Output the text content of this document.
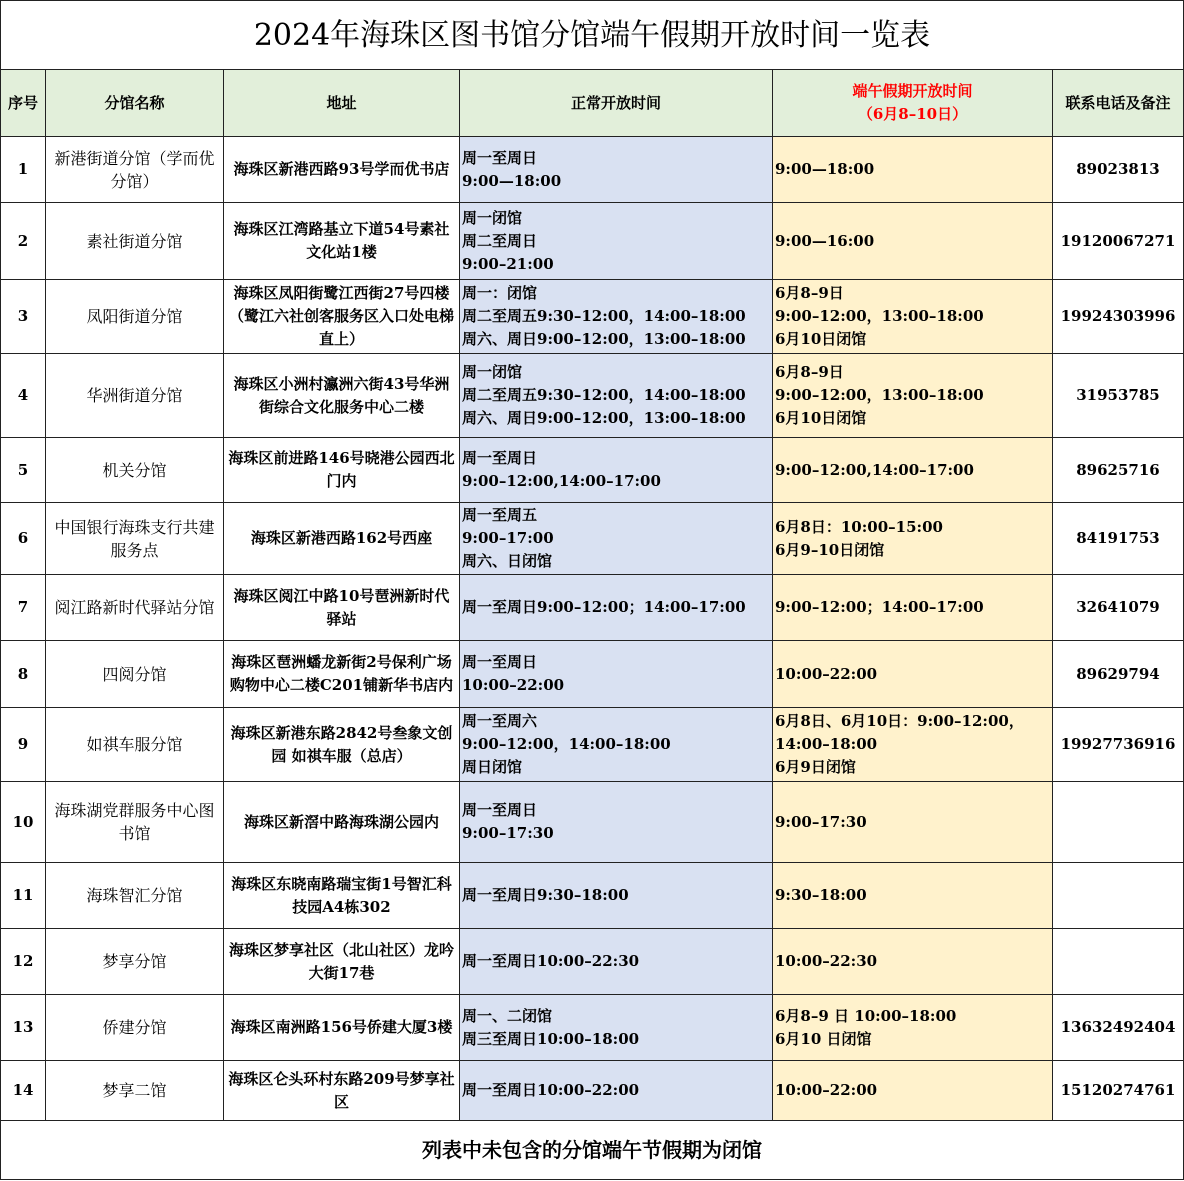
2024年海珠区图书馆分馆端午假期开放时间一览表					
序号	分馆名称	地址	正常开放时间	端午假期开放时间
（6月8–10日）	联系电话及备注
1	新港街道分馆（学而优分馆）	海珠区新港西路93号学而优书店	周一至周日
9:00—18:00	9:00—18:00	89023813
2	素社街道分馆	海珠区江湾路基立下道54号素社文化站1楼	周一闭馆
周二至周日
9:00–21:00	9:00—16:00	19120067271
3	凤阳街道分馆	海珠区凤阳街鹭江西街27号四楼（鹭江六社创客服务区入口处电梯直上）	周一：闭馆
周二至周五9:30–12:00，14:00–18:00
周六、周日9:00–12:00，13:00–18:00	6月8–9日
9:00–12:00，13:00–18:00
6月10日闭馆	19924303996
4	华洲街道分馆	海珠区小洲村瀛洲六街43号华洲街综合文化服务中心二楼	周一闭馆
周二至周五9:30–12:00，14:00–18:00
周六、周日9:00–12:00，13:00–18:00	6月8–9日
9:00–12:00，13:00–18:00
6月10日闭馆	31953785
5	机关分馆	海珠区前进路146号晓港公园西北门内	周一至周日
9:00–12:00,14:00–17:00	9:00–12:00,14:00–17:00	89625716
6	中国银行海珠支行共建服务点	海珠区新港西路162号西座	周一至周五
9:00–17:00
周六、日闭馆	6月8日：10:00–15:00
6月9–10日闭馆	84191753
7	阅江路新时代驿站分馆	海珠区阅江中路10号琶洲新时代驿站	周一至周日9:00–12:00；14:00–17:00	9:00–12:00；14:00–17:00	32641079
8	四阅分馆	海珠区琶洲蟠龙新街2号保利广场购物中心二楼C201铺新华书店内	周一至周日
10:00–22:00	10:00–22:00	89629794
9	如祺车服分馆	海珠区新港东路2842号叁象文创园 如祺车服（总店）	周一至周六
9:00–12:00，14:00–18:00
周日闭馆	6月8日、6月10日：9:00–12:00，
14:00–18:00
6月9日闭馆	19927736916
10	海珠湖党群服务中心图书馆	海珠区新滘中路海珠湖公园内	周一至周日
9:00–17:30	9:00–17:30	

11	海珠智汇分馆	海珠区东晓南路瑞宝街1号智汇科技园A4栋302	周一至周日9:30–18:00	9:30–18:00	

12	梦享分馆	海珠区梦享社区（北山社区）龙吟大街17巷	周一至周日10:00–22:30	10:00–22:30	

13	侨建分馆	海珠区南洲路156号侨建大厦3楼	周一、二闭馆
周三至周日10:00–18:00	6月8–9 日 10:00–18:00
6月10 日闭馆	13632492404
14	梦享二馆	海珠区仑头环村东路209号梦享社区	周一至周日10:00–22:00	10:00–22:00	15120274761
列表中未包含的分馆端午节假期为闭馆					
